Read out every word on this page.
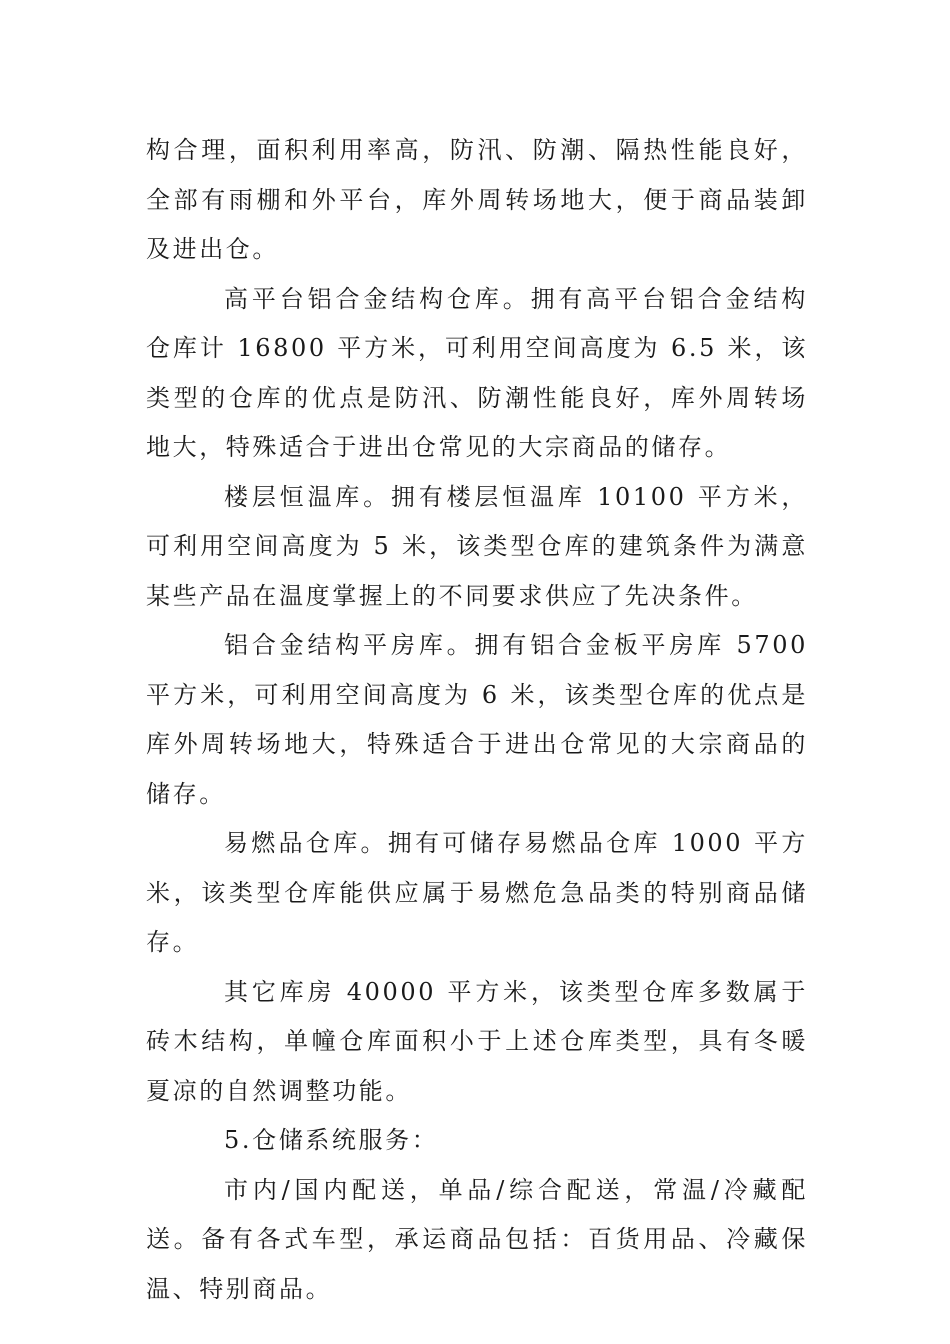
构合理，面积利用率高，防汛、防潮、隔热性能良好，全部有雨棚和外平台，库外周转场地大，便于商品装卸及进出仓。

高平台铝合金结构仓库。拥有高平台铝合金结构仓库计 16800 平方米，可利用空间高度为 6.5 米，该类型的仓库的优点是防汛、防潮性能良好，库外周转场地大，特殊适合于进出仓常见的大宗商品的储存。

楼层恒温库。拥有楼层恒温库 10100 平方米，可利用空间高度为 5 米，该类型仓库的建筑条件为满意某些产品在温度掌握上的不同要求供应了先决条件。

铝合金结构平房库。拥有铝合金板平房库 5700 平方米，可利用空间高度为 6 米，该类型仓库的优点是库外周转场地大，特殊适合于进出仓常见的大宗商品的储存。

易燃品仓库。拥有可储存易燃品仓库 1000 平方米，该类型仓库能供应属于易燃危急品类的特别商品储存。

其它库房 40000 平方米，该类型仓库多数属于砖木结构，单幢仓库面积小于上述仓库类型，具有冬暖夏凉的自然调整功能。

5.仓储系统服务：

市内/国内配送，单品/综合配送，常温/冷藏配送。备有各式车型，承运商品包括：百货用品、冷藏保温、特别商品。
